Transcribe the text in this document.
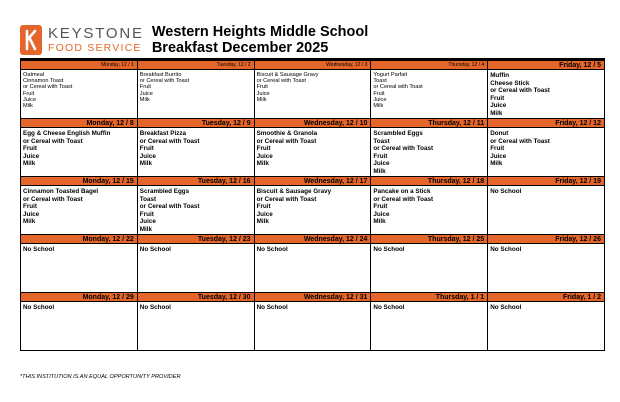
KEYSTONE
FOOD SERVICE
Western Heights Middle School
Breakfast December 2025
Monday, 12 / 1
Oatmeal
Cinnamon Toast
or Cereal with Toast
Fruit
Juice
Milk
Tuesday, 12 / 2
Breakfast Burrito
or Cereal with Toast
Fruit
Juice
Milk
Wednesday, 12 / 3
Biscuit & Sausage Gravy
or Cereal with Toast
Fruit
Juice
Milk
Thursday, 12 / 4
Yogurt Parfait
Toast
or Cereal with Toast
Fruit
Juice
Milk
Friday, 12 / 5
Muffin
Cheese Stick
or Cereal with Toast
Fruit
Juice
Milk
Monday, 12 / 8
Egg & Cheese English Muffin
or Cereal with Toast
Fruit
Juice
Milk
Tuesday, 12 / 9
Breakfast Pizza
or Cereal with Toast
Fruit
Juice
Milk
Wednesday, 12 / 10
Smoothie & Granola
or Cereal with Toast
Fruit
Juice
Milk
Thursday, 12 / 11
Scrambled Eggs
Toast
or Cereal with Toast
Fruit
Juice
Milk
Friday, 12 / 12
Donut
or Cereal with Toast
Fruit
Juice
Milk
Monday, 12 / 15
Cinnamon Toasted Bagel
or Cereal with Toast
Fruit
Juice
Milk
Tuesday, 12 / 16
Scrambled Eggs
Toast
or Cereal with Toast
Fruit
Juice
Milk
Wednesday, 12 / 17
Biscuit & Sausage Gravy
or Cereal with Toast
Fruit
Juice
Milk
Thursday, 12 / 18
Pancake on a Stick
or Cereal with Toast
Fruit
Juice
Milk
Friday, 12 / 19
No School
Monday, 12 / 22
No School
Tuesday, 12 / 23
No School
Wednesday, 12 / 24
No School
Thursday, 12 / 25
No School
Friday, 12 / 26
No School
Monday, 12 / 29
No School
Tuesday, 12 / 30
No School
Wednesday, 12 / 31
No School
Thursday, 1 / 1
No School
Friday, 1 / 2
No School
*THIS INSTITUTION IS AN EQUAL OPPORTUNITY PROVIDER
